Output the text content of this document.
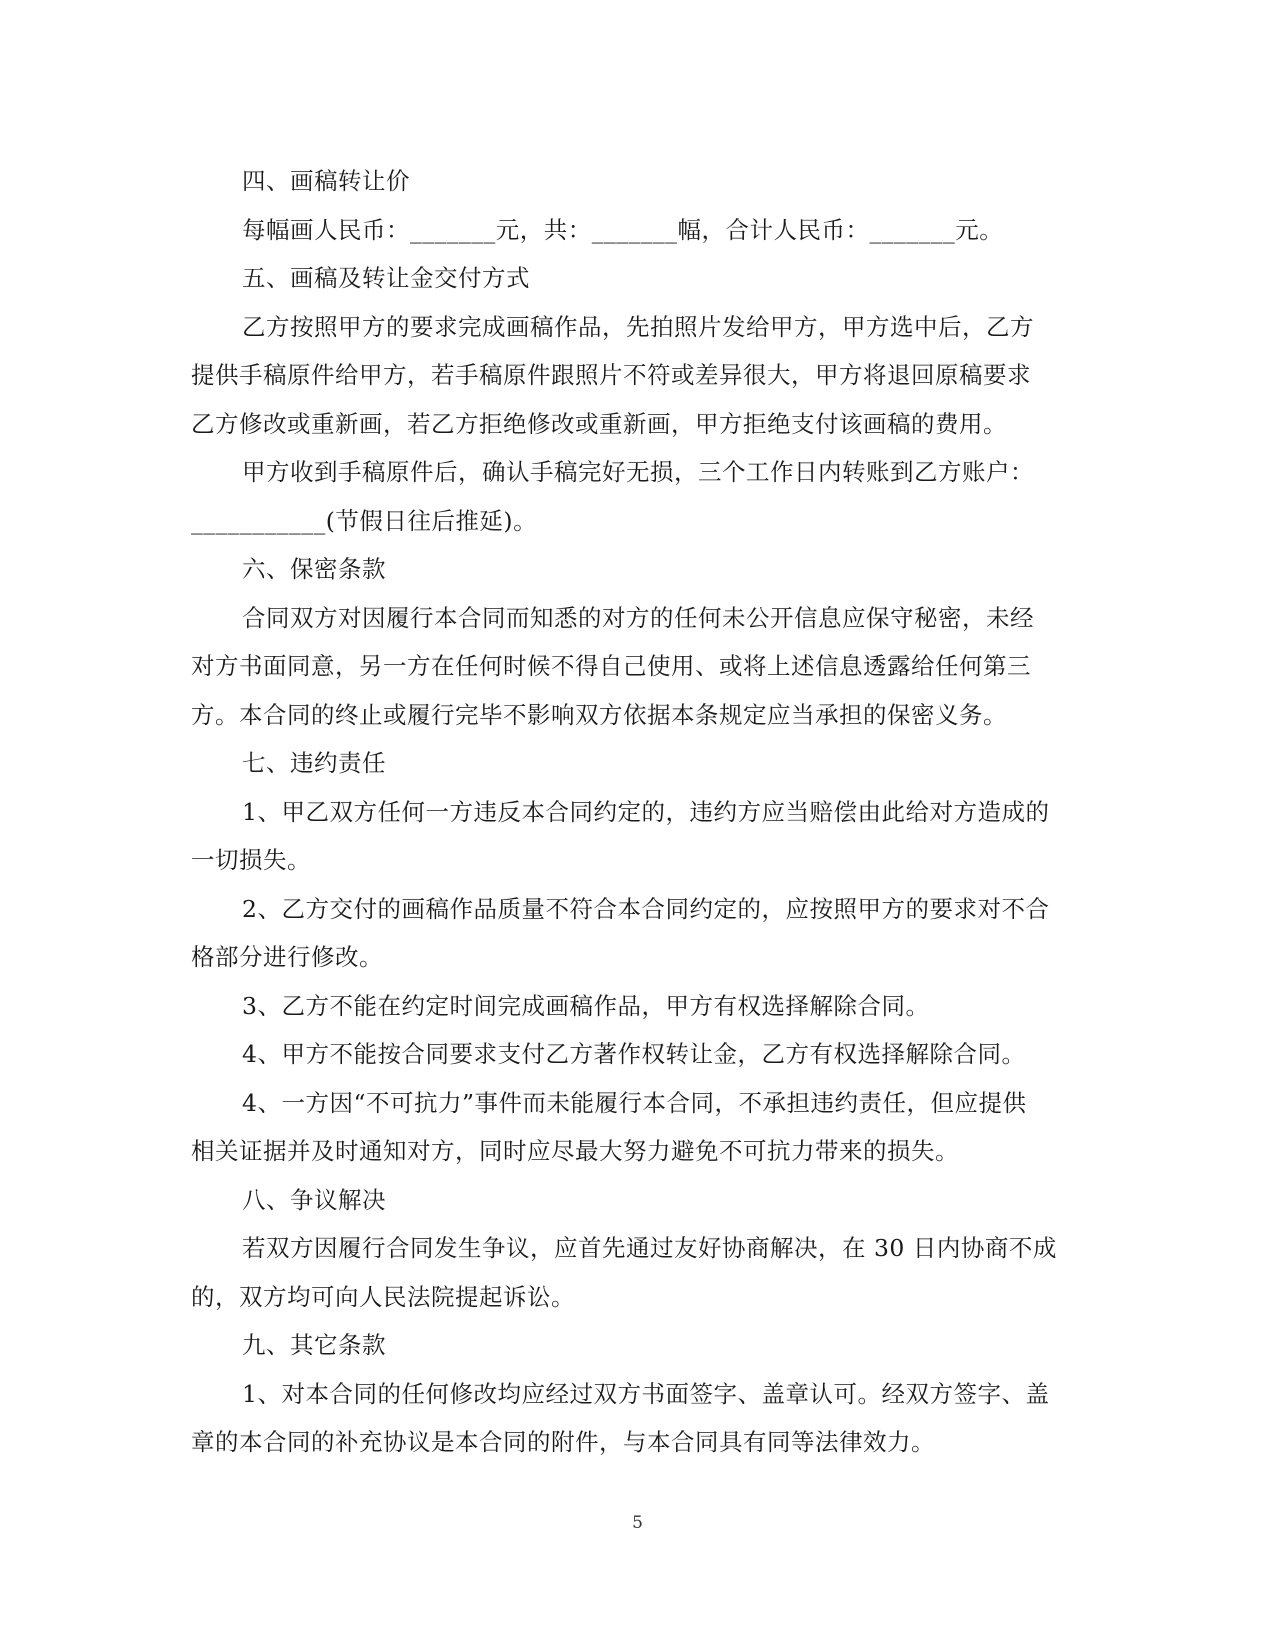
四、画稿转让价
每幅画人民币：_______元，共：_______幅，合计人民币：_______元。
五、画稿及转让金交付方式
乙方按照甲方的要求完成画稿作品，先拍照片发给甲方，甲方选中后，乙方
提供手稿原件给甲方，若手稿原件跟照片不符或差异很大，甲方将退回原稿要求
乙方修改或重新画，若乙方拒绝修改或重新画，甲方拒绝支付该画稿的费用。
甲方收到手稿原件后，确认手稿完好无损，三个工作日内转账到乙方账户：
___________(节假日往后推延)。
六、保密条款
合同双方对因履行本合同而知悉的对方的任何未公开信息应保守秘密，未经
对方书面同意，另一方在任何时候不得自己使用、或将上述信息透露给任何第三
方。本合同的终止或履行完毕不影响双方依据本条规定应当承担的保密义务。
七、违约责任
1、甲乙双方任何一方违反本合同约定的，违约方应当赔偿由此给对方造成的
一切损失。
2、乙方交付的画稿作品质量不符合本合同约定的，应按照甲方的要求对不合
格部分进行修改。
3、乙方不能在约定时间完成画稿作品，甲方有权选择解除合同。
4、甲方不能按合同要求支付乙方著作权转让金，乙方有权选择解除合同。
4、一方因“不可抗力”事件而未能履行本合同，不承担违约责任，但应提供
相关证据并及时通知对方，同时应尽最大努力避免不可抗力带来的损失。
八、争议解决
若双方因履行合同发生争议，应首先通过友好协商解决，在 30 日内协商不成
的，双方均可向人民法院提起诉讼。
九、其它条款
1、对本合同的任何修改均应经过双方书面签字、盖章认可。经双方签字、盖
章的本合同的补充协议是本合同的附件，与本合同具有同等法律效力。
5
